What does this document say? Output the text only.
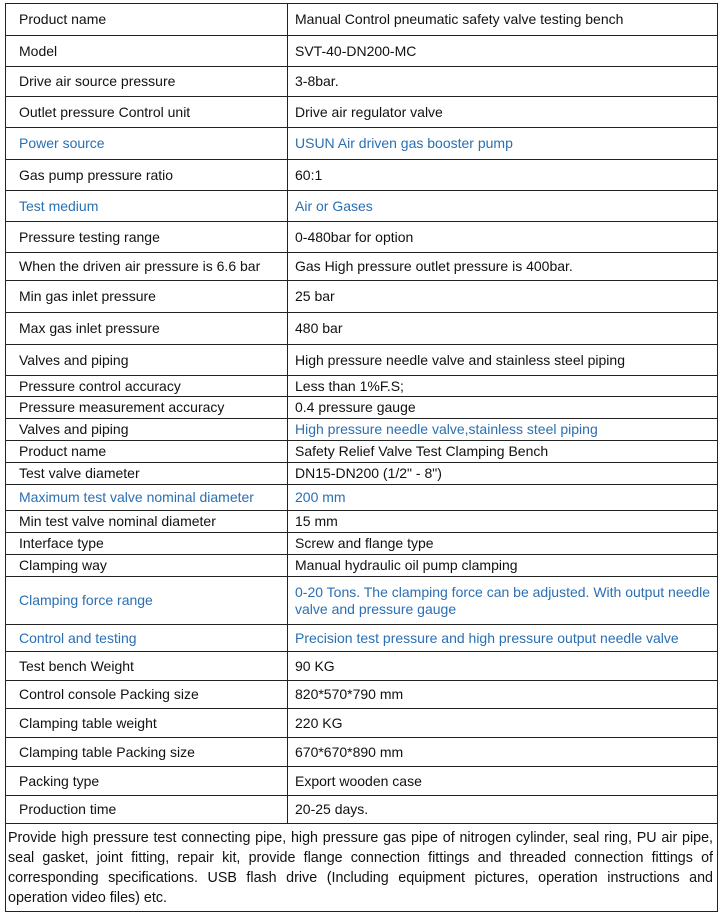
Product name	Manual Control pneumatic safety valve testing bench
Model	SVT-40-DN200-MC
Drive air source pressure	3-8bar.
Outlet pressure Control unit	Drive air regulator valve
Power source	USUN Air driven gas booster pump
Gas pump pressure ratio	60:1
Test medium	Air or Gases
Pressure testing range	0-480bar for option
When the driven air pressure is 6.6 bar	Gas High pressure outlet pressure is 400bar.
Min gas inlet pressure	25 bar
Max gas inlet pressure	480 bar
Valves and piping	High pressure needle valve and stainless steel piping
Pressure control accuracy	Less than 1%F.S;
Pressure measurement accuracy	0.4 pressure gauge
Valves and piping	High pressure needle valve,stainless steel piping
Product name	Safety Relief Valve Test Clamping Bench
Test valve diameter	DN15-DN200 (1/2" - 8")
Maximum test valve nominal diameter	200 mm
Min test valve nominal diameter	15 mm
Interface type	Screw and flange type
Clamping way	Manual hydraulic oil pump clamping
Clamping force range	0-20 Tons. The clamping force can be adjusted. With output needle valve and pressure gauge
Control and testing	Precision test pressure and high pressure output needle valve
Test bench Weight	90 KG
Control console Packing size	820*570*790 mm
Clamping table weight	220 KG
Clamping table Packing size	670*670*890 mm
Packing type	Export wooden case
Production time	20-25 days.
Provide high pressure test connecting pipe, high pressure gas pipe of nitrogen cylinder, seal ring, PU air pipe, seal gasket, joint fitting, repair kit, provide flange connection fittings and threaded connection fittings of corresponding specifications. USB flash drive (Including equipment pictures, operation instructions and operation video files) etc.	
